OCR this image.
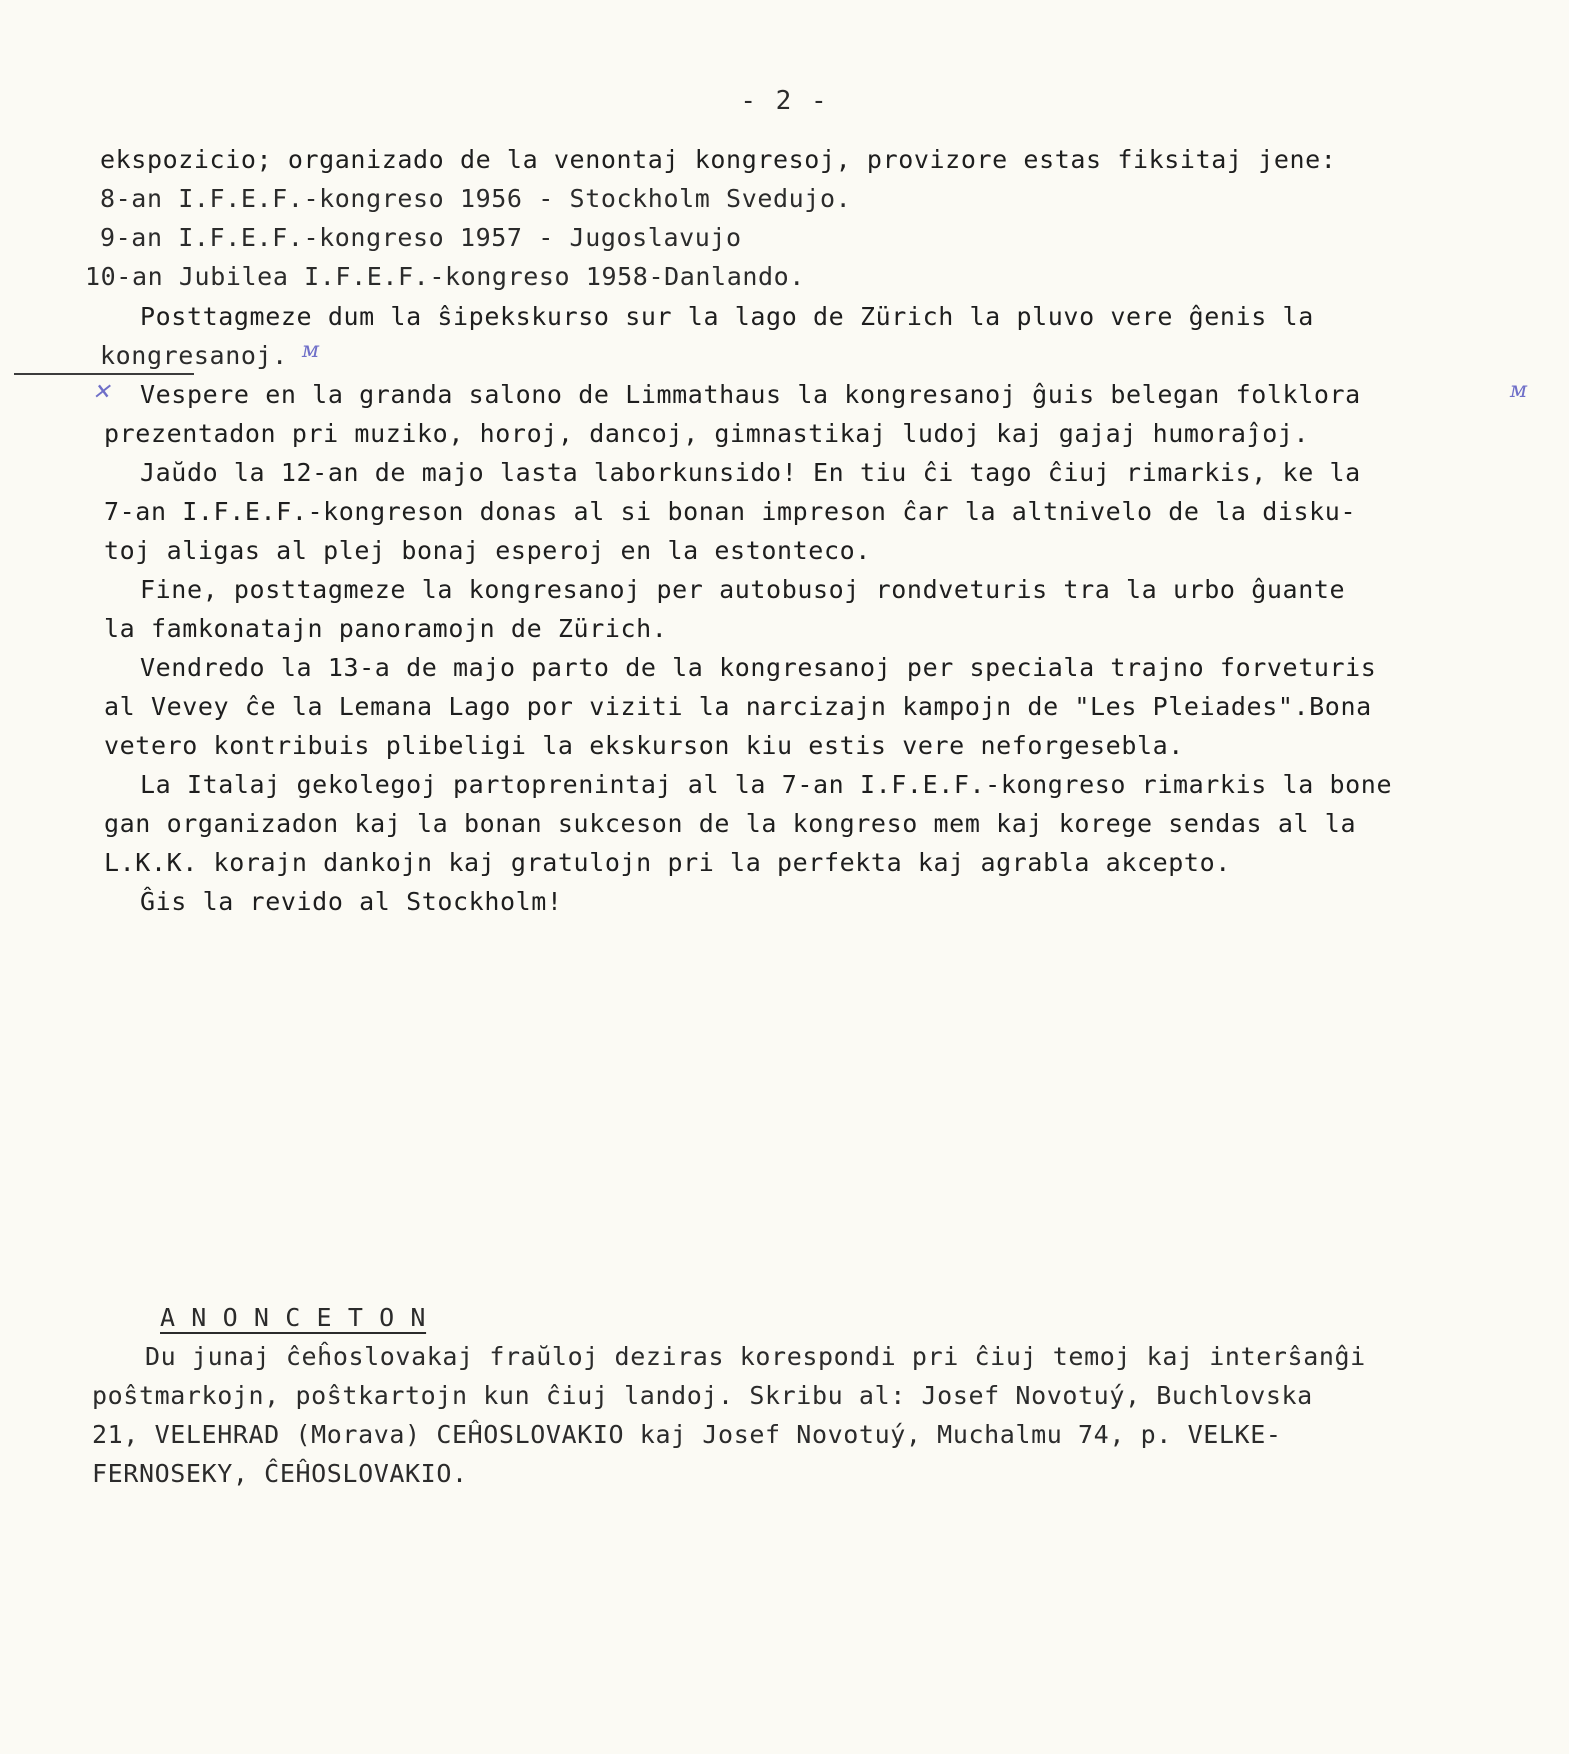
- 2 -
ekspozicio; organizado de la venontaj kongresoj, provizore estas fiksitaj jene:
8-an I.F.E.F.-kongreso 1956 - Stockholm Svedujo.
9-an I.F.E.F.-kongreso 1957 - Jugoslavujo
10-an Jubilea I.F.E.F.-kongreso 1958-Danlando.
Posttagmeze dum la ŝipekskurso sur la lago de Zürich la pluvo vere ĝenis la
kongresanoj. ᴍ
✕	ᴍ
Vespere en la granda salono de Limmathaus la kongresanoj ĝuis belegan folklora
prezentadon pri muziko, horoj, dancoj, gimnastikaj ludoj kaj gajaj humoraĵoj.
Jaŭdo la 12-an de majo lasta laborkunsido! En tiu ĉi tago ĉiuj rimarkis, ke la
7-an I.F.E.F.-kongreson donas al si bonan impreson ĉar la altnivelo de la disku-
toj aligas al plej bonaj esperoj en la estonteco.
Fine, posttagmeze la kongresanoj per autobusoj rondveturis tra la urbo ĝuante
la famkonatajn panoramojn de Zürich.
Vendredo la 13-a de majo parto de la kongresanoj per speciala trajno forveturis
al Vevey ĉe la Lemana Lago por viziti la narcizajn kampojn de "Les Pleiades".Bona
vetero kontribuis plibeligi la ekskurson kiu estis vere neforgesebla.
La Italaj gekolegoj partoprenintaj al la 7-an I.F.E.F.-kongreso rimarkis la bone
gan organizadon kaj la bonan sukceson de la kongreso mem kaj korege sendas al la
L.K.K. korajn dankojn kaj gratulojn pri la perfekta kaj agrabla akcepto.
Ĝis la revido al Stockholm!
A N O N C E T O N
Du junaj ĉeĥoslovakaj fraŭloj deziras korespondi pri ĉiuj temoj kaj interŝanĝi
poŝtmarkojn, poŝtkartojn kun ĉiuj landoj. Skribu al: Josef Novotuý, Buchlovska
21, VELEHRAD (Morava) CEĤOSLOVAKIO kaj Josef Novotuý, Muchalmu 74, p. VELKE-
FERNOSEKY, ĈEĤOSLOVAKIO.
